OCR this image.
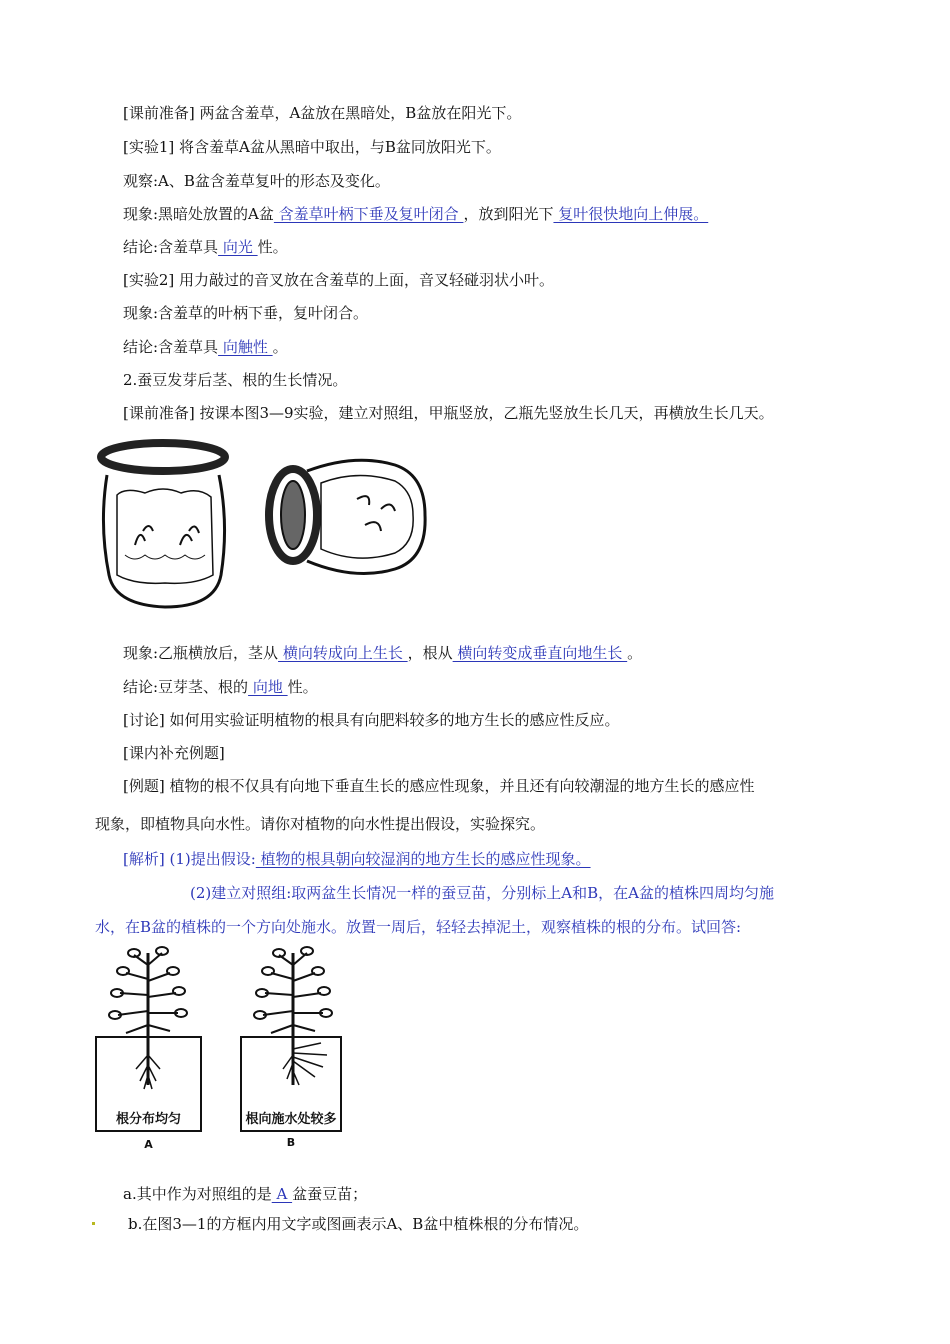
[课前准备] 两盆含羞草，A盆放在黑暗处，B盆放在阳光下。
[实验1] 将含羞草A盆从黑暗中取出，与B盆同放阳光下。
观察:A、B盆含羞草复叶的形态及变化。
现象:黑暗处放置的A盆 含羞草叶柄下垂及复叶闭合 ，放到阳光下 复叶很快地向上伸展。
结论:含羞草具 向光 性。
[实验2] 用力敲过的音叉放在含羞草的上面，音叉轻碰羽状小叶。
现象:含羞草的叶柄下垂，复叶闭合。
结论:含羞草具 向触性 。
2.蚕豆发芽后茎、根的生长情况。
[课前准备] 按课本图3—9实验，建立对照组，甲瓶竖放，乙瓶先竖放生长几天，再横放生长几天。
现象:乙瓶横放后，茎从 横向转成向上生长 ，根从 横向转变成垂直向地生长 。
结论:豆芽茎、根的 向地 性。
[讨论] 如何用实验证明植物的根具有向肥料较多的地方生长的感应性反应。
[课内补充例题]
[例题] 植物的根不仅具有向地下垂直生长的感应性现象，并且还有向较潮湿的地方生长的感应性
现象，即植物具向水性。请你对植物的向水性提出假设，实验探究。
[解析] (1)提出假设: 植物的根具朝向较湿润的地方生长的感应性现象。
(2)建立对照组:取两盆生长情况一样的蚕豆苗，分别标上A和B，在A盆的植株四周均匀施
水，在B盆的植株的一个方向处施水。放置一周后，轻轻去掉泥土，观察植株的根的分布。试回答:
根分布均匀	根向施水处较多
A	B
a.其中作为对照组的是 A 盆蚕豆苗；
b.在图3—1的方框内用文字或图画表示A、B盆中植株根的分布情况。
